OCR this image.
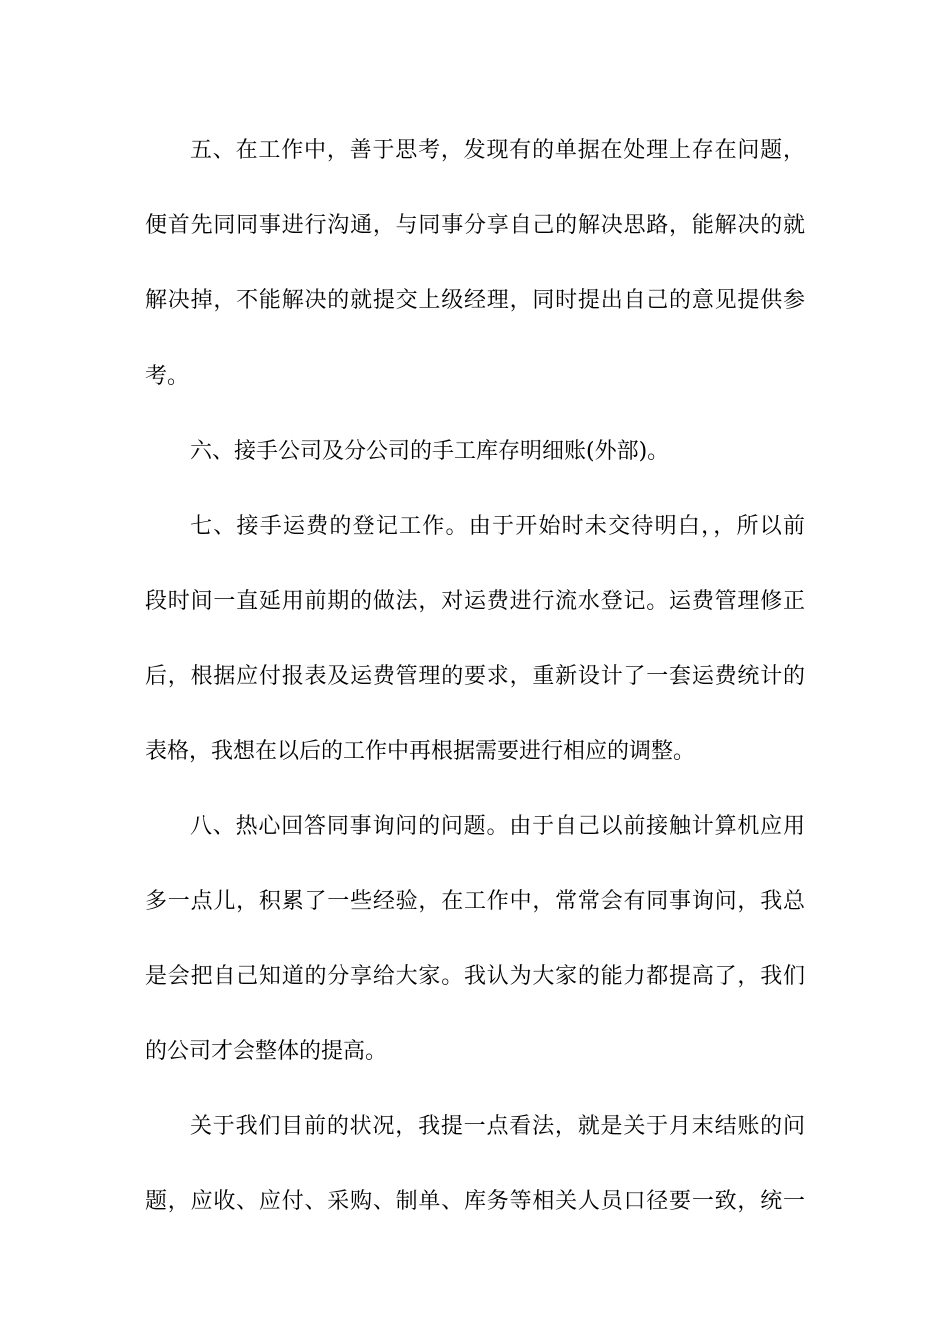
五、在工作中，善于思考，发现有的单据在处理上存在问题，
便首先同同事进行沟通，与同事分享自己的解决思路，能解决的就
解决掉，不能解决的就提交上级经理，同时提出自己的意见提供参
考。
六、接手公司及分公司的手工库存明细账(外部)。
七、接手运费的登记工作。由于开始时未交待明白，，所以前
段时间一直延用前期的做法，对运费进行流水登记。运费管理修正
后，根据应付报表及运费管理的要求，重新设计了一套运费统计的
表格，我想在以后的工作中再根据需要进行相应的调整。
八、热心回答同事询问的问题。由于自己以前接触计算机应用
多一点儿，积累了一些经验，在工作中，常常会有同事询问，我总
是会把自己知道的分享给大家。我认为大家的能力都提高了，我们
的公司才会整体的提高。
关于我们目前的状况，我提一点看法，就是关于月末结账的问
题，应收、应付、采购、制单、库务等相关人员口径要一致，统一
